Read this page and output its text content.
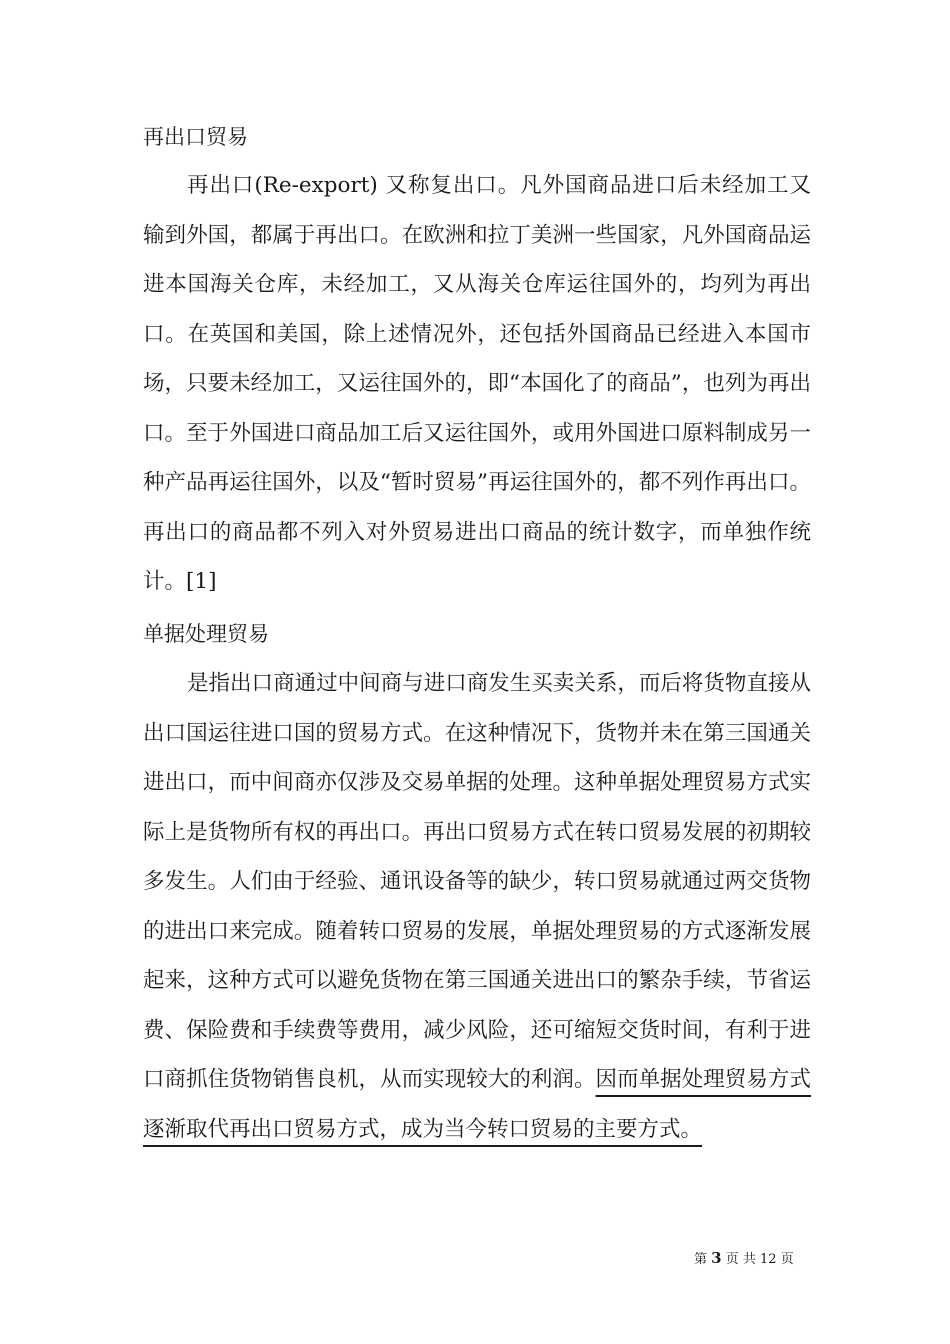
再出口贸易
再出口(Re-export) 又称复出口。凡外国商品进口后未经加工又输到外国，都属于再出口。在欧洲和拉丁美洲一些国家，凡外国商品运进本国海关仓库，未经加工，又从海关仓库运往国外的，均列为再出口。在英国和美国，除上述情况外，还包括外国商品已经进入本国市场，只要未经加工，又运往国外的，即“本国化了的商品”，也列为再出口。至于外国进口商品加工后又运往国外，或用外国进口原料制成另一种产品再运往国外，以及“暂时贸易”再运往国外的，都不列作再出口。再出口的商品都不列入对外贸易进出口商品的统计数字，而单独作统计。[1]
单据处理贸易
是指出口商通过中间商与进口商发生买卖关系，而后将货物直接从出口国运往进口国的贸易方式。在这种情况下，货物并未在第三国通关进出口，而中间商亦仅涉及交易单据的处理。这种单据处理贸易方式实际上是货物所有权的再出口。再出口贸易方式在转口贸易发展的初期较多发生。人们由于经验、通讯设备等的缺少，转口贸易就通过两交货物的进出口来完成。随着转口贸易的发展，单据处理贸易的方式逐渐发展起来，这种方式可以避免货物在第三国通关进出口的繁杂手续，节省运费、保险费和手续费等费用，减少风险，还可缩短交货时间，有利于进口商抓住货物销售良机，从而实现较大的利润。因而单据处理贸易方式逐渐取代再出口贸易方式，成为当今转口贸易的主要方式。
第 3 页 共 12 页
